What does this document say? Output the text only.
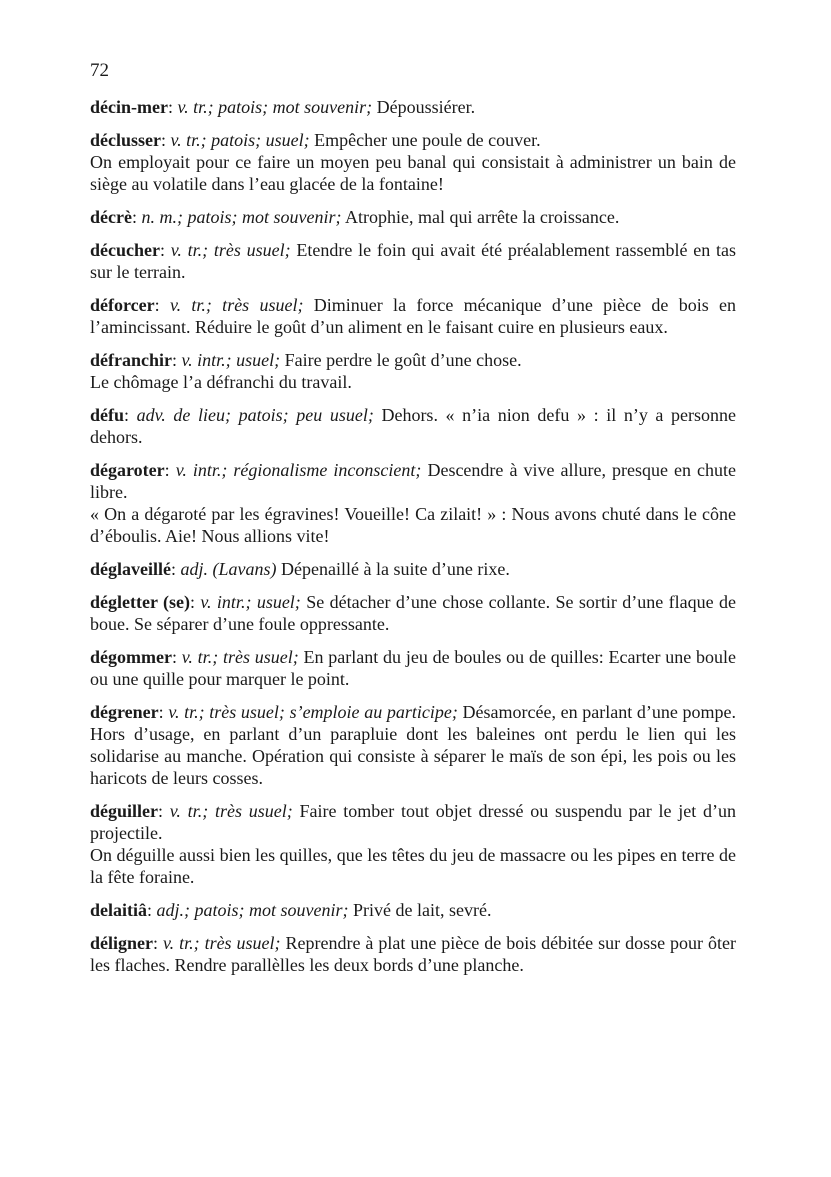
72

décin-mer: v. tr.; patois; mot souvenir; Dépoussiérer.

déclusser: v. tr.; patois; usuel; Empêcher une poule de couver.

On employait pour ce faire un moyen peu banal qui consistait à administrer un bain de siège au volatile dans l’eau glacée de la fontaine!

décrè: n. m.; patois; mot souvenir; Atrophie, mal qui arrête la croissance.

décucher: v. tr.; très usuel; Etendre le foin qui avait été préalablement rassemblé en tas sur le terrain.

déforcer: v. tr.; très usuel; Diminuer la force mécanique d’une pièce de bois en l’amincissant. Réduire le goût d’un aliment en le faisant cuire en plusieurs eaux.

défranchir: v. intr.; usuel; Faire perdre le goût d’une chose.

Le chômage l’a défranchi du travail.

défu: adv. de lieu; patois; peu usuel; Dehors. « n’ia nion defu » : il n’y a personne dehors.

dégaroter: v. intr.; régionalisme inconscient; Descendre à vive allure, presque en chute libre.

« On a dégaroté par les égravines! Voueille! Ca zilait! » : Nous avons chuté dans le cône d’éboulis. Aie! Nous allions vite!

déglaveillé: adj. (Lavans) Dépenaillé à la suite d’une rixe.

dégletter (se): v. intr.; usuel; Se détacher d’une chose collante. Se sortir d’une flaque de boue. Se séparer d’une foule oppressante.

dégommer: v. tr.; très usuel; En parlant du jeu de boules ou de quilles: Ecarter une boule ou une quille pour marquer le point.

dégrener: v. tr.; très usuel; s’emploie au participe; Désamorcée, en parlant d’une pompe. Hors d’usage, en parlant d’un parapluie dont les baleines ont perdu le lien qui les solidarise au manche. Opération qui consiste à séparer le maïs de son épi, les pois ou les haricots de leurs cosses.

déguiller: v. tr.; très usuel; Faire tomber tout objet dressé ou suspendu par le jet d’un projectile.

On déguille aussi bien les quilles, que les têtes du jeu de massacre ou les pipes en terre de la fête foraine.

delaitiâ: adj.; patois; mot souvenir; Privé de lait, sevré.

déligner: v. tr.; très usuel; Reprendre à plat une pièce de bois débitée sur dosse pour ôter les flaches. Rendre parallèlles les deux bords d’une planche.
